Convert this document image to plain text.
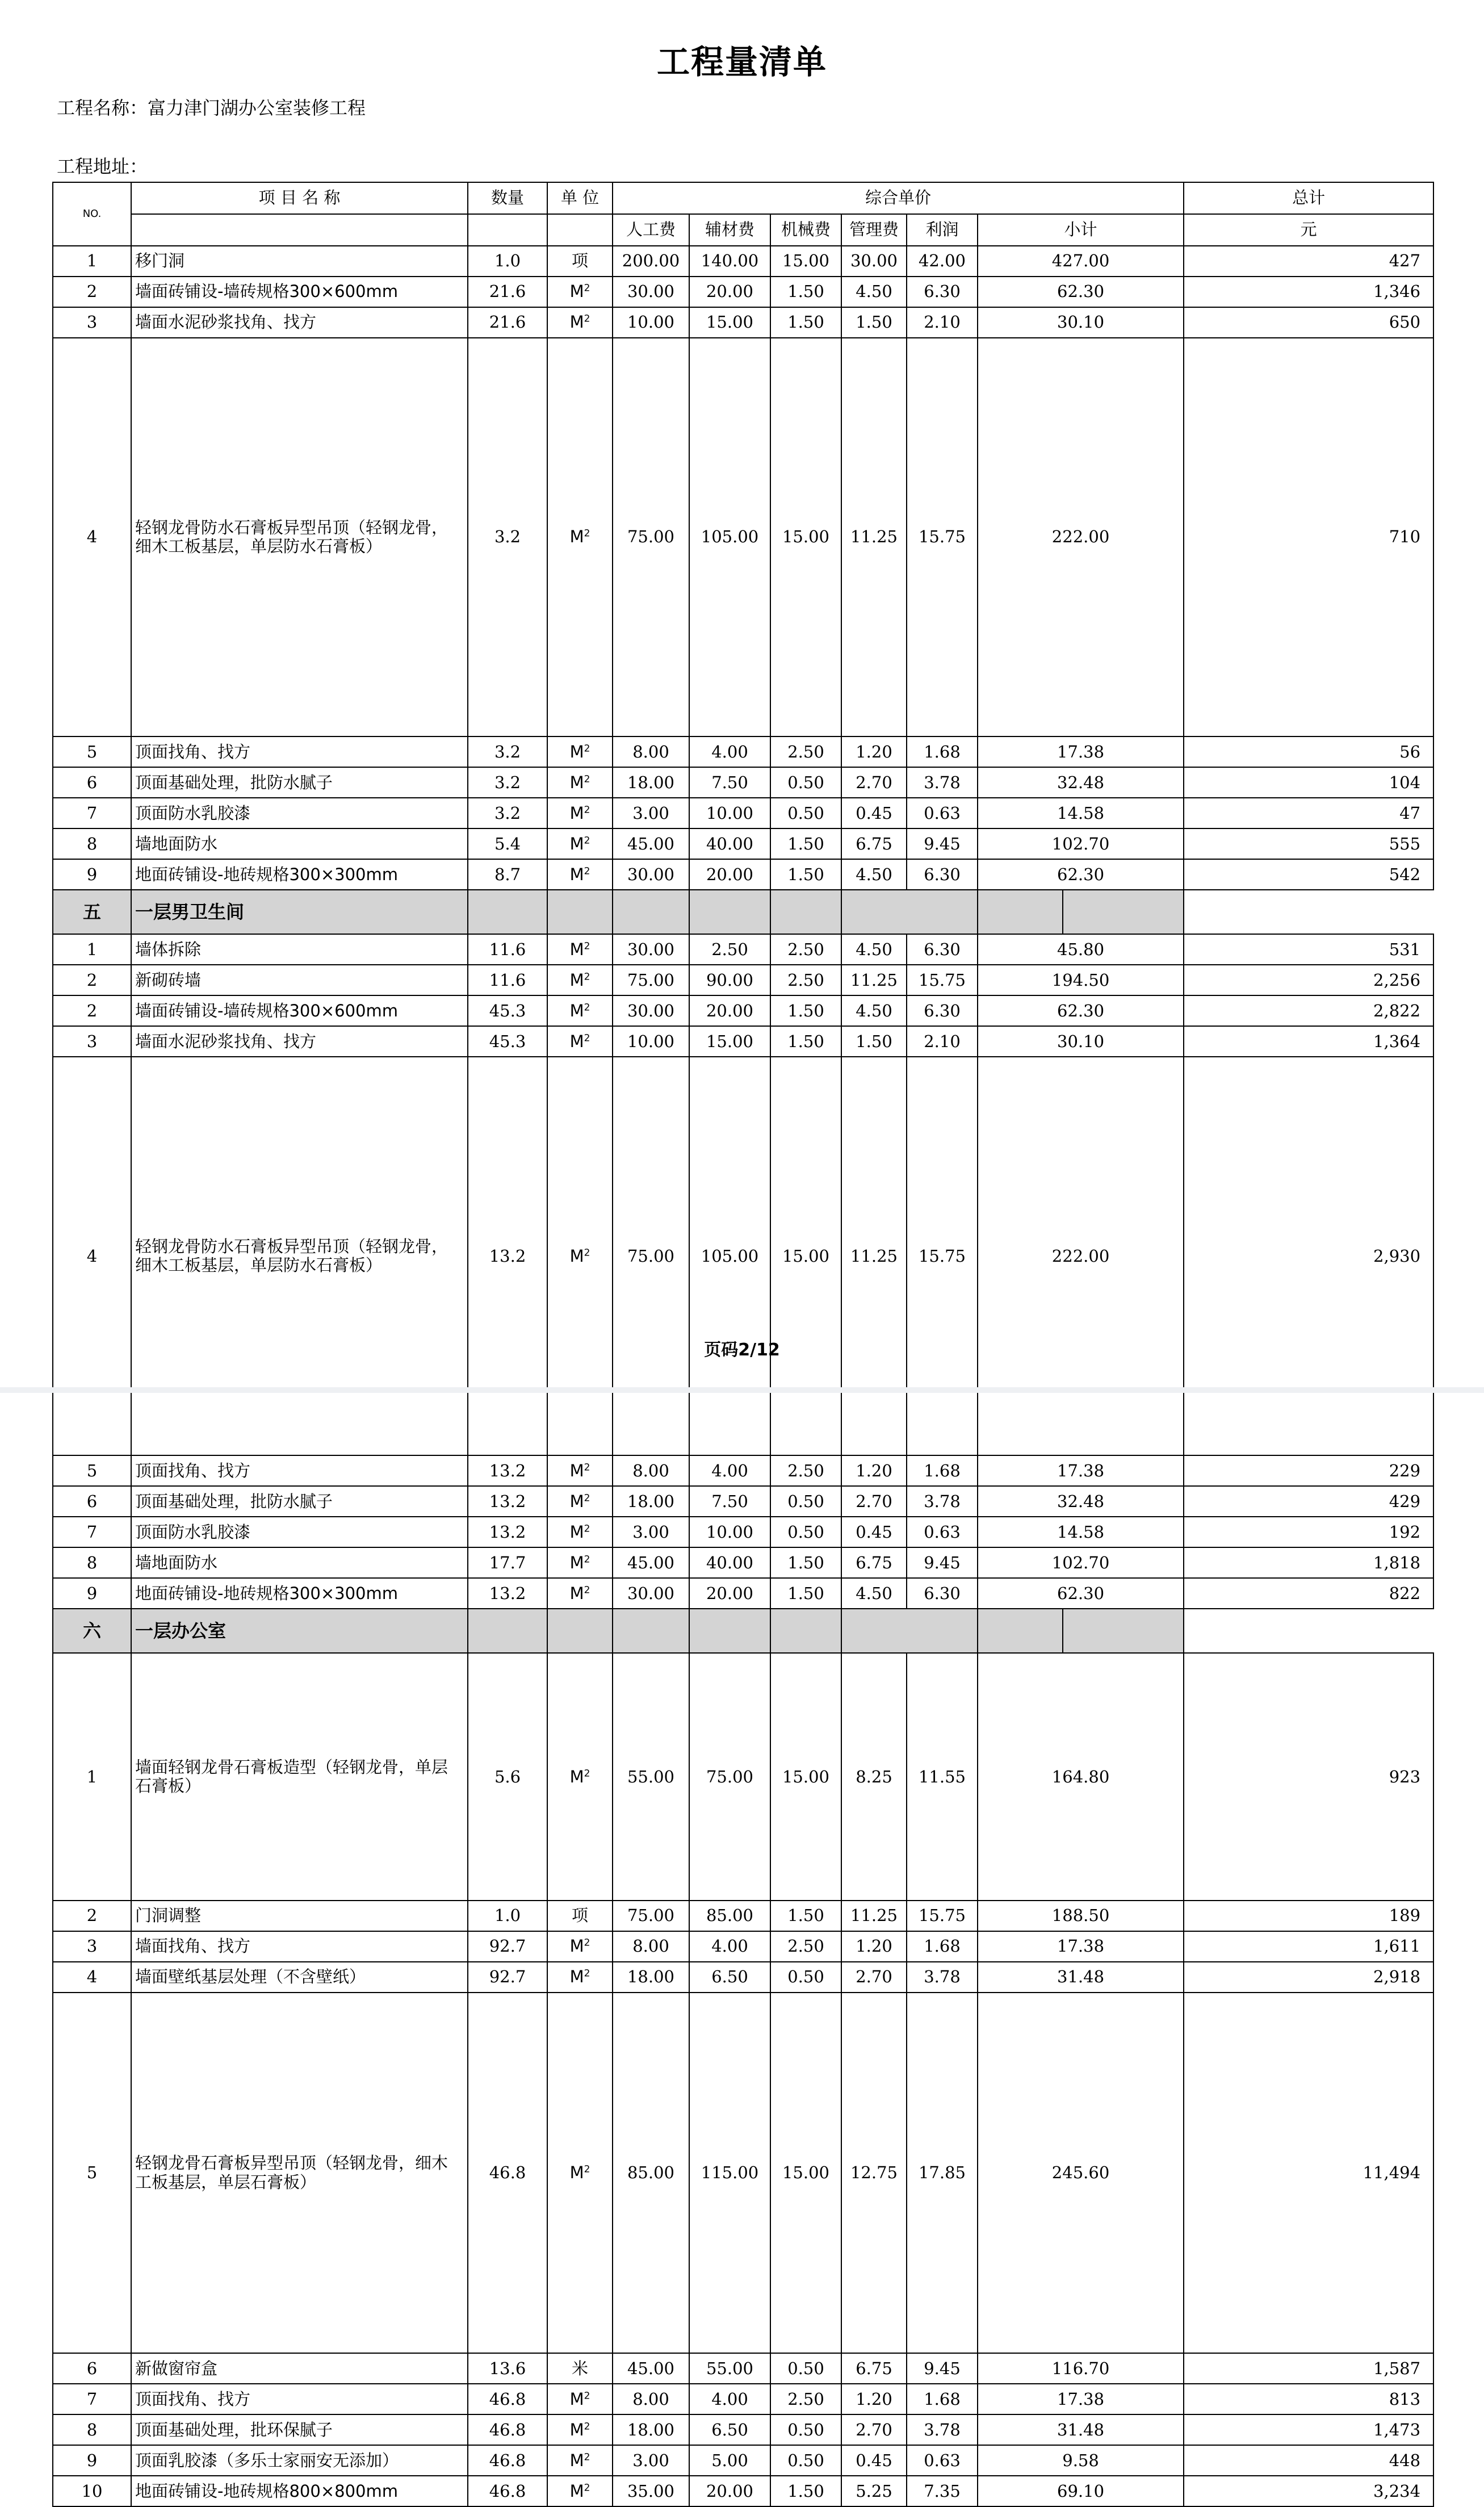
工程量清单
工程名称：富力津门湖办公室装修工程
工程地址：
NO.	项 目 名 称	数量	单 位	综合单价							总计	
				人工费	辅材费	机械费	管理费	利润	小计		元	
1	移门洞	1.0	项	200.00	140.00	15.00	30.00	42.00	427.00		427	
2	墙面砖铺设-墙砖规格300×600mm	21.6	$M^2$	30.00	20.00	1.50	4.50	6.30	62.30		1,346	
3	墙面水泥砂浆找角、找方	21.6	$M^2$	10.00	15.00	1.50	1.50	2.10	30.10		650	
4	轻钢龙骨防水石膏板异型吊顶（轻钢龙骨，细木工板基层，单层防水石膏板）	3.2	$M^2$	75.00	105.00	15.00	11.25	15.75	222.00		710	
5	顶面找角、找方	3.2	$M^2$	8.00	4.00	2.50	1.20	1.68	17.38		56	
6	顶面基础处理，批防水腻子	3.2	$M^2$	18.00	7.50	0.50	2.70	3.78	32.48		104	
7	顶面防水乳胶漆	3.2	$M^2$	3.00	10.00	0.50	0.45	0.63	14.58		47	
8	墙地面防水	5.4	$M^2$	45.00	40.00	1.50	6.75	9.45	102.70		555	
9	地面砖铺设-地砖规格300×300mm	8.7	$M^2$	30.00	20.00	1.50	4.50	6.30	62.30		542	
五	一层男卫生间											
1	墙体拆除	11.6	$M^2$	30.00	2.50	2.50	4.50	6.30	45.80		531	
2	新砌砖墙	11.6	$M^2$	75.00	90.00	2.50	11.25	15.75	194.50		2,256	
2	墙面砖铺设-墙砖规格300×600mm	45.3	$M^2$	30.00	20.00	1.50	4.50	6.30	62.30		2,822	
3	墙面水泥砂浆找角、找方	45.3	$M^2$	10.00	15.00	1.50	1.50	2.10	30.10		1,364	
4	轻钢龙骨防水石膏板异型吊顶（轻钢龙骨，细木工板基层，单层防水石膏板）	13.2	$M^2$	75.00	105.00	15.00	11.25	15.75	222.00		2,930	
5	顶面找角、找方	13.2	$M^2$	8.00	4.00	2.50	1.20	1.68	17.38		229	
6	顶面基础处理，批防水腻子	13.2	$M^2$	18.00	7.50	0.50	2.70	3.78	32.48		429	
7	顶面防水乳胶漆	13.2	$M^2$	3.00	10.00	0.50	0.45	0.63	14.58		192	
8	墙地面防水	17.7	$M^2$	45.00	40.00	1.50	6.75	9.45	102.70		1,818	
9	地面砖铺设-地砖规格300×300mm	13.2	$M^2$	30.00	20.00	1.50	4.50	6.30	62.30		822	
六	一层办公室											
1	墙面轻钢龙骨石膏板造型（轻钢龙骨，单层石膏板）	5.6	$M^2$	55.00	75.00	15.00	8.25	11.55	164.80		923	
2	门洞调整	1.0	项	75.00	85.00	1.50	11.25	15.75	188.50		189	
3	墙面找角、找方	92.7	$M^2$	8.00	4.00	2.50	1.20	1.68	17.38		1,611	
4	墙面壁纸基层处理（不含壁纸）	92.7	$M^2$	18.00	6.50	0.50	2.70	3.78	31.48		2,918	
5	轻钢龙骨石膏板异型吊顶（轻钢龙骨，细木工板基层，单层石膏板）	46.8	$M^2$	85.00	115.00	15.00	12.75	17.85	245.60		11,494	
6	新做窗帘盒	13.6	米	45.00	55.00	0.50	6.75	9.45	116.70		1,587	
7	顶面找角、找方	46.8	$M^2$	8.00	4.00	2.50	1.20	1.68	17.38		813	
8	顶面基础处理，批环保腻子	46.8	$M^2$	18.00	6.50	0.50	2.70	3.78	31.48		1,473	
9	顶面乳胶漆（多乐士家丽安无添加）	46.8	$M^2$	3.00	5.00	0.50	0.45	0.63	9.58		448	
10	地面砖铺设-地砖规格800×800mm	46.8	$M^2$	35.00	20.00	1.50	5.25	7.35	69.10		3,234	
页码2/12
